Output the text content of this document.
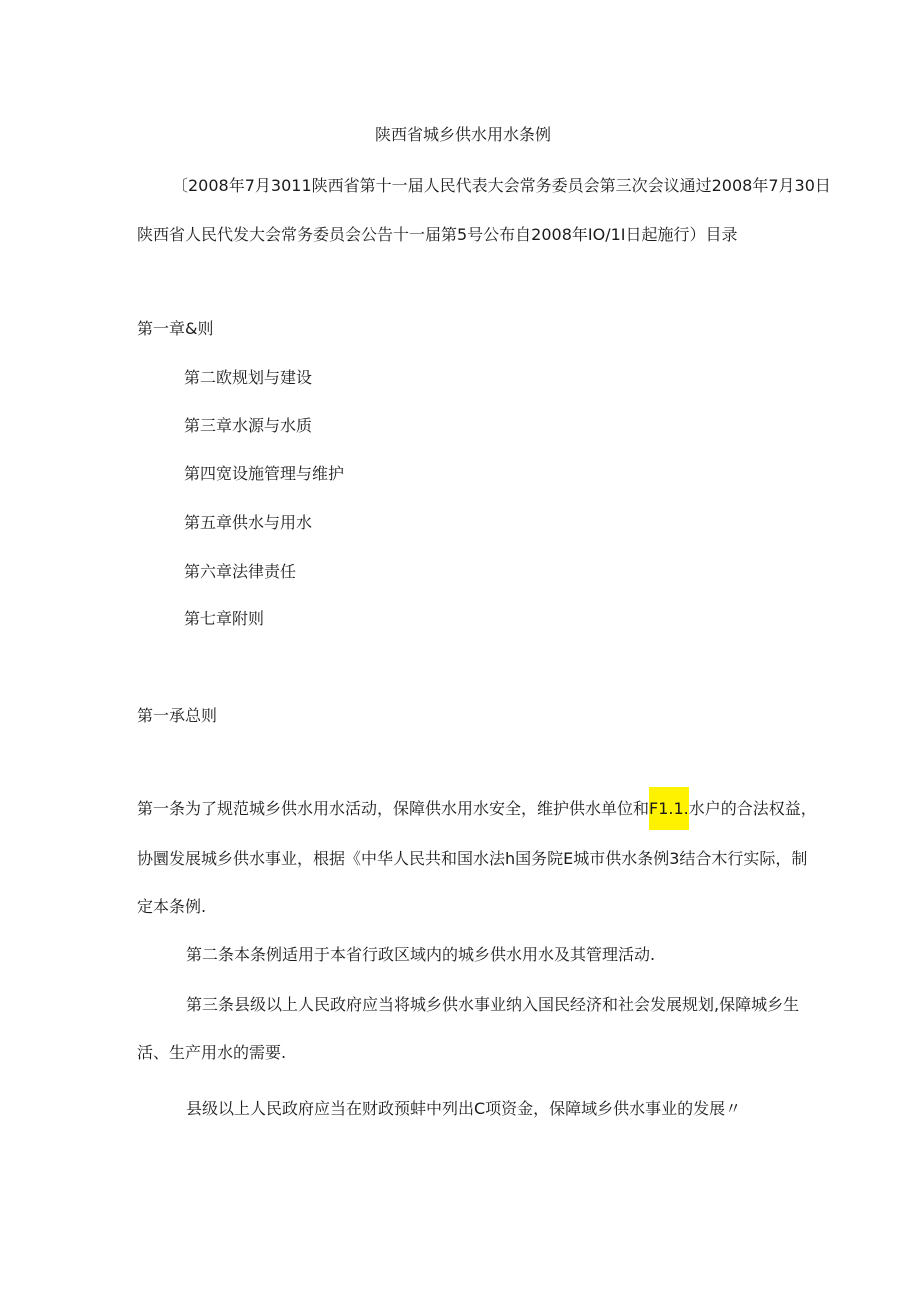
陕西省城乡供水用水条例

〔2008年7月3011陕西省第十一届人民代表大会常务委员会第三次会议通过2008年7月30日

陕西省人民代发大会常务委员会公告十一届第5号公布自2008年IO/1I日起施行）目录

第一章&则

第二欧规划与建设

第三章水源与水质

第四宽设施管理与维护

第五章供水与用水

第六章法律责任

第七章附则

第一承总则

第一条为了规范城乡供水用水活动，保障供水用水安全，维护供水单位和F1.1.水户的合法权益，

协圜发展城乡供水事业，根据《中华人民共和国水法h国务院E城市供水条例3结合木行实际，制

定本条例.

第二条本条例适用于本省行政区域内的城乡供水用水及其管理活动.

第三条县级以上人民政府应当将城乡供水事业纳入国民经济和社会发展规划,保障城乡生

活、生产用水的需要.

县级以上人民政府应当在财政预蚌中列出C项资金，保障域乡供水事业的发展〃
